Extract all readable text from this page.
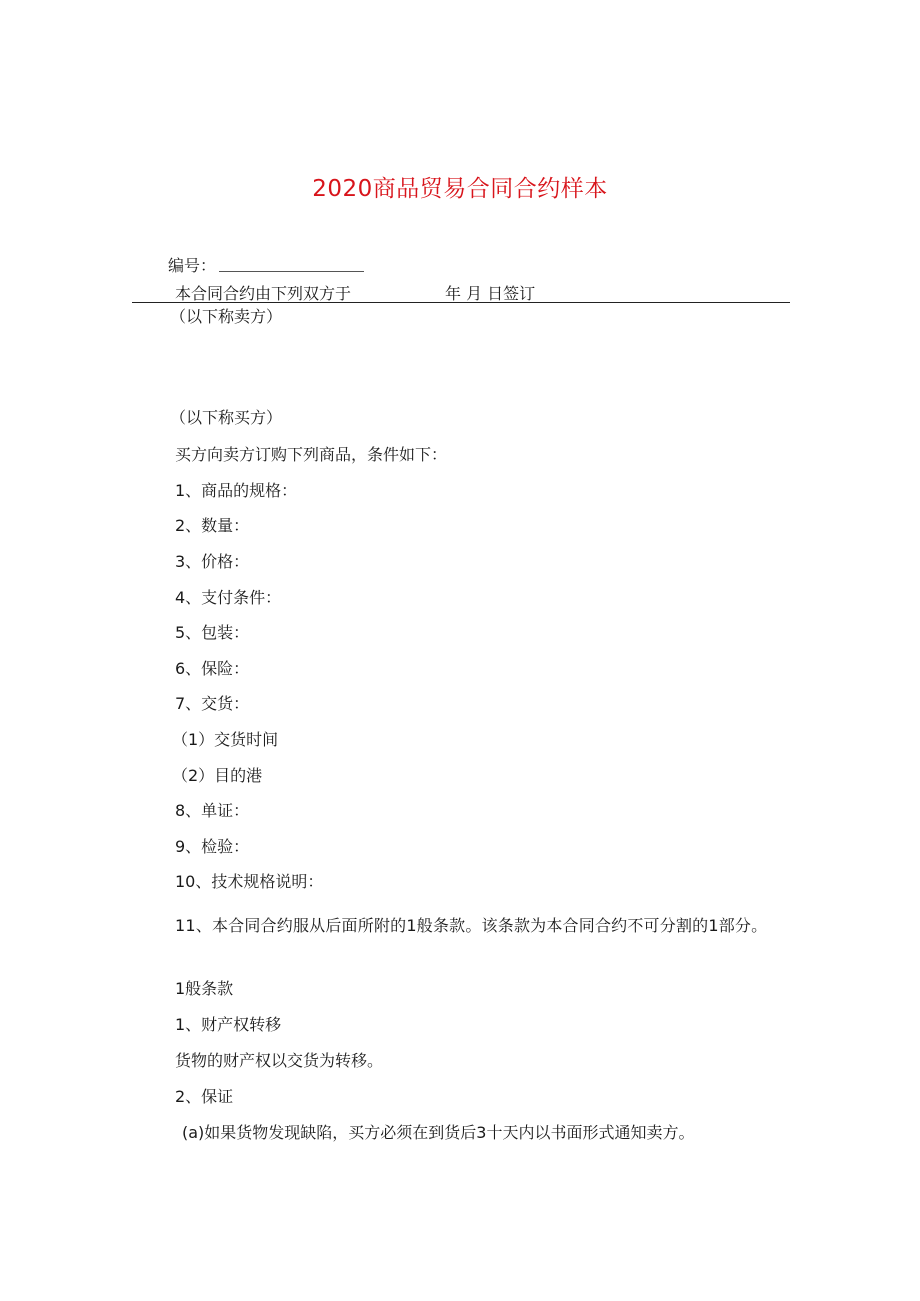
2020商品贸易合同合约样本
编号：
本合同合约由下列双方于	年 月 日签订
（以下称卖方）
（以下称买方）
买方向卖方订购下列商品，条件如下：
1、商品的规格：
2、数量：
3、价格：
4、支付条件：
5、包装：
6、保险：
7、交货：
（1）交货时间
（2）目的港
8、单证：
9、检验：
10、技术规格说明：
11、本合同合约服从后面所附的1般条款。该条款为本合同合约不可分割的1部分。
1般条款
1、财产权转移
货物的财产权以交货为转移。
2、保证
(a)如果货物发现缺陷，买方必须在到货后3十天内以书面形式通知卖方。
